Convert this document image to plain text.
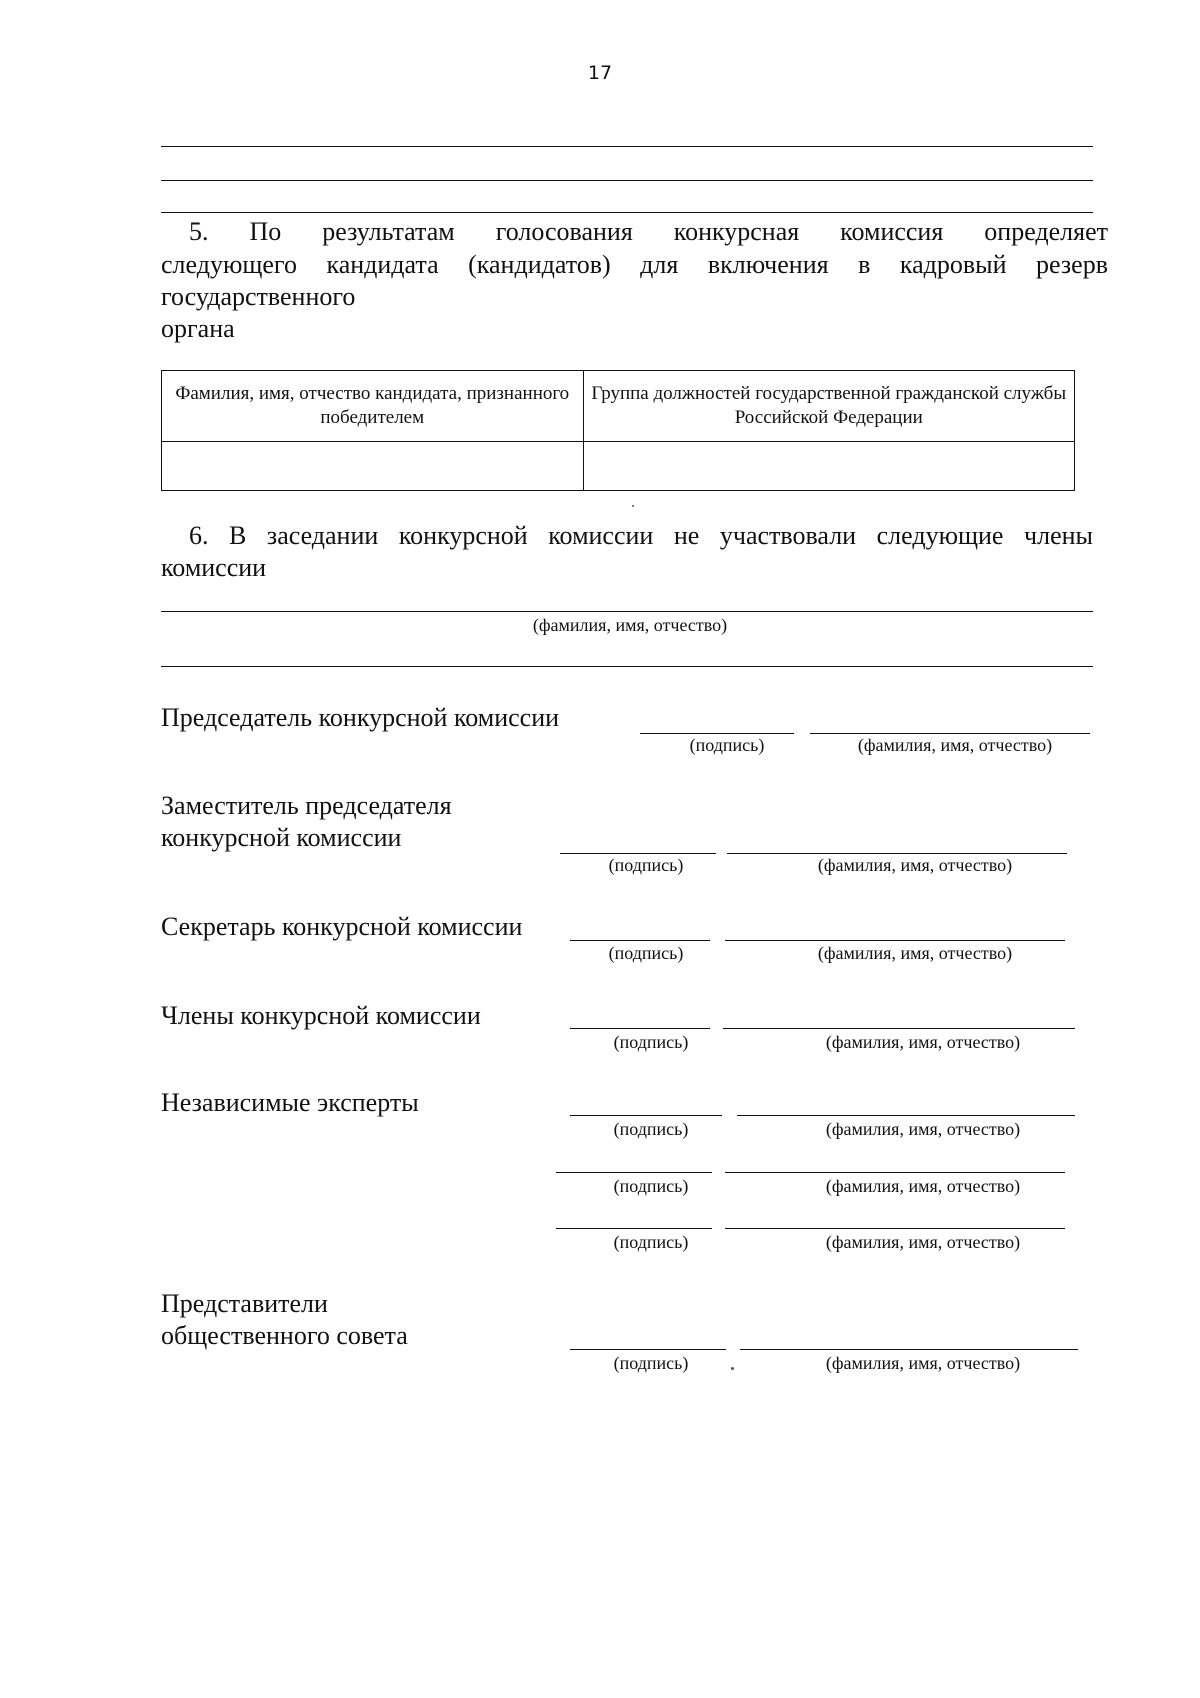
17
5. По результатам голосования конкурсная комиссия определяет
следующего кандидата (кандидатов) для включения в кадровый резерв
государственного
органа
Фамилия, имя, отчество кандидата, признанного победителем	Группа должностей государственной гражданской службы Российской Федерации

6. В заседании конкурсной комиссии не участвовали следующие члены
комиссии
(фамилия, имя, отчество)
Председатель конкурсной комиссии
(подпись)	(фамилия, имя, отчество)
Заместитель председателя
конкурсной комиссии
(подпись)	(фамилия, имя, отчество)
Секретарь конкурсной комиссии
(подпись)	(фамилия, имя, отчество)
Члены конкурсной комиссии
(подпись)	(фамилия, имя, отчество)
Независимые эксперты
(подпись)	(фамилия, имя, отчество)
(подпись)	(фамилия, имя, отчество)
(подпись)	(фамилия, имя, отчество)
Представители
общественного совета
(подпись)	(фамилия, имя, отчество)
